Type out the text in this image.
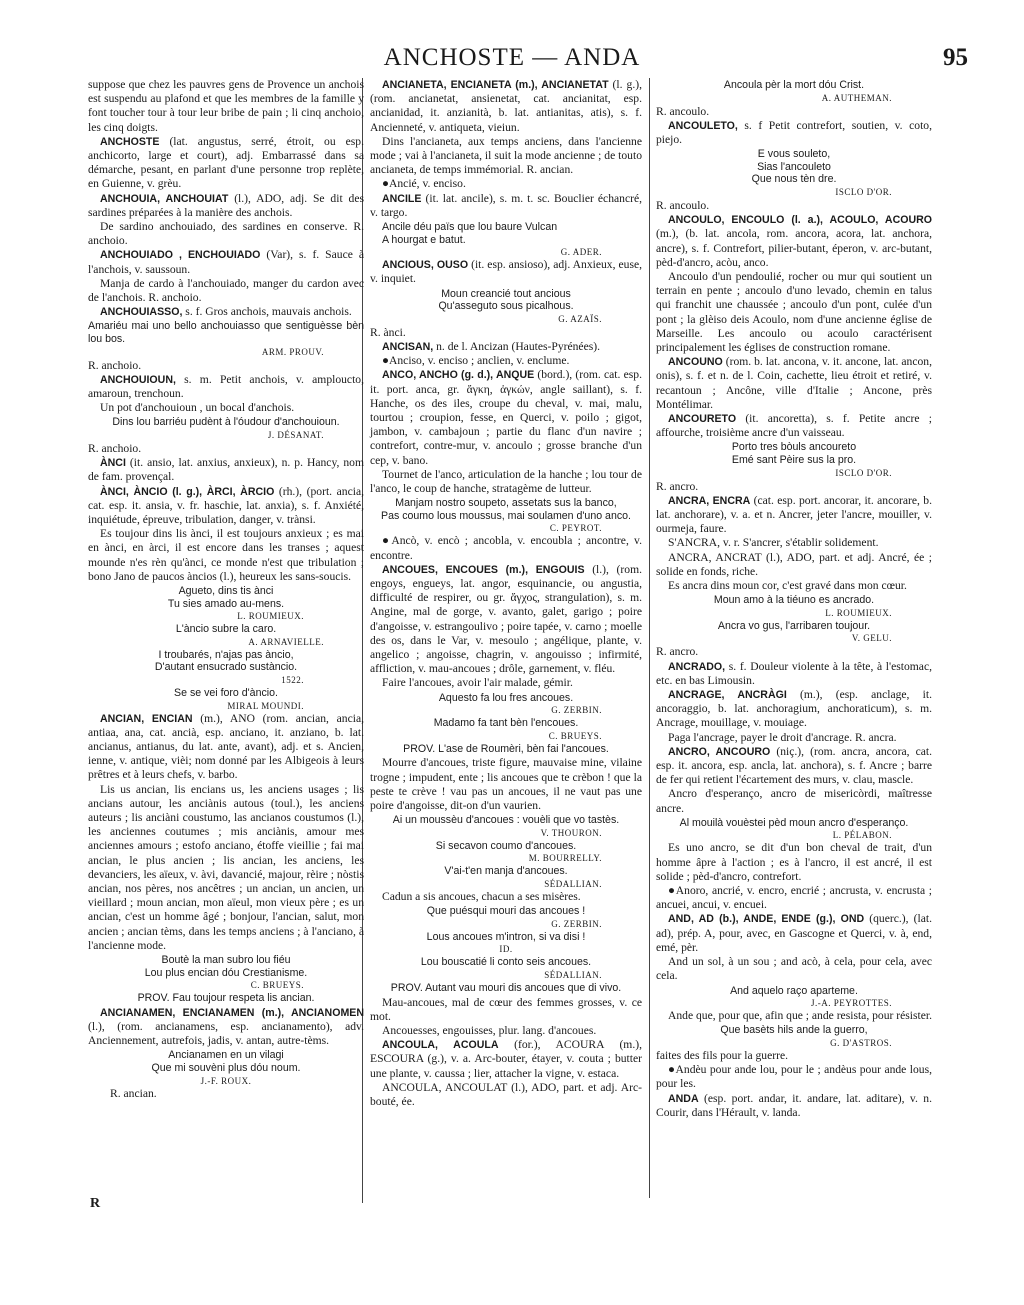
ANCHOSTE — ANDA	95

suppose que chez les pauvres gens de Provence un anchois est suspendu au plafond et que les membres de la famille y font toucher tour à tour leur bribe de pain ; li cinq anchoio, les cinq doigts.

ANCHOSTE (lat. angustus, serré, étroit, ou esp. anchicorto, large et court), adj. Embarrassé dans sa démarche, pesant, en parlant d'une personne trop replète, en Guienne, v. grèu.

ANCHOUIA, ANCHOUIAT (l.), ADO, adj. Se dit des sardines préparées à la manière des anchois.

De sardino anchouiado, des sardines en conserve. R. anchoio.

ANCHOUIADO , ENCHOUIADO (Var), s. f. Sauce à l'anchois, v. saussoun.

Manja de cardo à l'anchouiado, manger du cardon avec de l'anchois. R. anchoio.

ANCHOUIASSO, s. f. Gros anchois, mauvais anchois.

Amariéu mai uno bello anchouiasso que sentiguèsse bèn lou bos.
ARM. PROUV.

R. anchoio.

ANCHOUIOUN, s. m. Petit anchois, v. amploucto, amaroun, trenchoun.

Un pot d'anchouioun , un bocal d'anchois.

Dins lou barriéu pudènt à l'óudour d'anchouioun.
J. DÉSANAT.

R. anchoio.

ÀNCI (it. ansio, lat. anxius, anxieux), n. p. Hancy, nom de fam. provençal.

ÀNCI, ÀNCIO (l. g.), ÀRCI, ÀRCIO (rh.), (port. ancia, cat. esp. it. ansia, v. fr. haschie, lat. anxia), s. f. Anxiété, inquiétude, épreuve, tribulation, danger, v. trànsi.

Es toujour dins lis ànci, il est toujours anxieux ; es mai en ànci, en àrci, il est encore dans les transes ; aquest mounde n'es rèn qu'ànci, ce monde n'est que tribulation ; bono Jano de paucos àncios (l.), heureux les sans-soucis.

Agueto, dins tis ànci
Tu sies amado au-mens.
L. ROUMIEUX.
L'àncio subre la caro.
A. ARNAVIELLE.
I troubarés, n'ajas pas àncio,
D'autant ensucrado sustàncio.
1522.
Se se vei foro d'àncio.
MIRAL MOUNDI.

ANCIAN, ENCIAN (m.), ANO (rom. ancian, ancia, antiaa, ana, cat. ancià, esp. anciano, it. anziano, b. lat. ancianus, antianus, du lat. ante, avant), adj. et s. Ancien, ienne, v. antique, vièi; nom donné par les Albigeois à leurs prêtres et à leurs chefs, v. barbo.

Lis us ancian, lis encians us, les anciens usages ; lis ancians autour, les anciànis autous (toul.), les anciens auteurs ; lis anciàni coustumo, las ancianos coustumos (l.), les anciennes coutumes ; mis anciànis, amour mes anciennes amours ; estofo anciano, étoffe vieillie ; fai mai ancian, le plus ancien ; lis ancian, les anciens, les devanciers, les aïeux, v. àvi, davancié, majour, rèire ; nòstis ancian, nos pères, nos ancêtres ; un ancian, un ancien, un vieillard ; moun ancian, mon aïeul, mon vieux père ; es un ancian, c'est un homme âgé ; bonjour, l'ancian, salut, mon ancien ; ancian tèms, dans les temps anciens ; à l'anciano, à l'ancienne mode.

Boutè la man subro lou fiéu
Lou plus encian dóu Crestianisme.
C. BRUEYS.
PROV. Fau toujour respeta lis ancian.

ANCIANAMEN, ENCIANAMEN (m.), ANCIANOMEN (l.), (rom. ancianamens, esp. ancianamento), adv. Anciennement, autrefois, jadis, v. antan, autre-tèms.

Ancianamen en un vilagi
Que mi souvèni plus dóu noum.
J.-F. ROUX.

R. ancian.

R

ANCIANETA, ENCIANETA (m.), ANCIANETAT (l. g.), (rom. ancianetat, ansienetat, cat. ancianitat, esp. ancianidad, it. anzianità, b. lat. antianitas, atis), s. f. Ancienneté, v. antiqueta, vieiun.

Dins l'ancianeta, aux temps anciens, dans l'ancienne mode ; vai à l'ancianeta, il suit la mode ancienne ; de touto ancianeta, de temps immémorial. R. ancian.

●Ancié, v. enciso.

ANCILE (it. lat. ancile), s. m. t. sc. Bouclier échancré, v. targo.

Ancile déu païs que lou baure Vulcan
A hourgat e batut.
G. ADER.

ANCIOUS, OUSO (it. esp. ansioso), adj. Anxieux, euse, v. inquiet.

Moun creancié tout ancious
Qu'asseguto sous picalhous.
G. AZAÏS.

R. ànci.

ANCISAN, n. de l. Ancizan (Hautes-Pyrénées).

●Anciso, v. enciso ; anclien, v. enclume.

ANCO, ANCHO (g. d.), ANQUE (bord.), (rom. cat. esp. it. port. anca, gr. ἄγκη, ἀγκών, angle saillant), s. f. Hanche, os des iles, croupe du cheval, v. mai, malu, tourtou ; croupion, fesse, en Querci, v. poilo ; gigot, jambon, v. cambajoun ; partie du flanc d'un navire ; contrefort, contre-mur, v. ancoulo ; grosse branche d'un cep, v. bano.

Tournet de l'anco, articulation de la hanche ; lou tour de l'anco, le coup de hanche, stratagème de lutteur.

Manjam nostro soupeto, assetats sus la banco,
Pas coumo lous moussus, mai soulamen d'uno anco.
C. PEYROT.

●Ancò, v. encò ; ancobla, v. encoubla ; ancontre, v. encontre.

ANCOUES, ENCOUES (m.), ENGOUIS (l.), (rom. engoys, engueys, lat. angor, esquinancie, ou angustia, difficulté de respirer, ou gr. ἄγχος, strangulation), s. m. Angine, mal de gorge, v. avanto, galet, garigo ; poire d'angoisse, v. estrangoulivo ; poire tapée, v. carno ; moelle des os, dans le Var, v. mesoulo ; angélique, plante, v. angelico ; angoisse, chagrin, v. angouisso ; infirmité, affliction, v. mau-ancoues ; drôle, garnement, v. fléu.

Faire l'ancoues, avoir l'air malade, gémir.

Aquesto fa lou fres ancoues.
G. ZERBIN.
Madamo fa tant bèn l'encoues.
C. BRUEYS.
PROV. L'ase de Roumèri, bèn fai l'ancoues.

Mourre d'ancoues, triste figure, mauvaise mine, vilaine trogne ; impudent, ente ; lis ancoues que te crèbon ! que la peste te crève ! vau pas un ancoues, il ne vaut pas une poire d'angoisse, dit-on d'un vaurien.

Ai un moussèu d'ancoues : vouèli que vo tastès.
V. THOURON.
Si secavon coumo d'ancoues.
M. BOURRELLY.
V'ai-t'en manja d'ancoues.
SÉDALLIAN.

Cadun a sis ancoues, chacun a ses misères.

Que puésqui mouri das ancoues !
G. ZERBIN.
Lous ancoues m'intron, si va disi !
ID.
Lou bouscatié li conto seis ancoues.
SÉDALLIAN.
PROV. Autant vau mouri dis ancoues que di vivo.

Mau-ancoues, mal de cœur des femmes grosses, v. ce mot.

Ancouesses, engouisses, plur. lang. d'ancoues.

ANCOULA, ACOULA (for.), ACOURA (m.), ESCOURA (g.), v. a. Arc-bouter, étayer, v. couta ; butter une plante, v. caussa ; lier, attacher la vigne, v. estaca.

ANCOULA, ANCOULAT (l.), ADO, part. et adj. Arc-bouté, ée.

Ancoula pèr la mort dóu Crist.
A. AUTHEMAN.

R. ancoulo.

ANCOULETO, s. f Petit contrefort, soutien, v. coto, piejo.

E vous souleto,
Sias l'ancouleto
Que nous tèn dre.
ISCLO D'OR.

R. ancoulo.

ANCOULO, ENCOULO (l. a.), ACOULO, ACOURO (m.), (b. lat. ancola, rom. ancora, acora, lat. anchora, ancre), s. f. Contrefort, pilier-butant, éperon, v. arc-butant, pèd-d'ancro, acòu, anco.

Ancoulo d'un pendoulié, rocher ou mur qui soutient un terrain en pente ; ancoulo d'uno levado, chemin en talus qui franchit une chaussée ; ancoulo d'un pont, culée d'un pont ; la glèiso deis Acoulo, nom d'une ancienne église de Marseille. Les ancoulo ou acoulo caractérisent principalement les églises de construction romane.

ANCOUNO (rom. b. lat. ancona, v. it. ancone, lat. ancon, onis), s. f. et n. de l. Coin, cachette, lieu étroit et retiré, v. recantoun ; Ancône, ville d'Italie ; Ancone, près Montélimar.

ANCOURETO (it. ancoretta), s. f. Petite ancre ; affourche, troisième ancre d'un vaisseau.

Porto tres bòuls ancoureto
Emé sant Pèire sus la pro.
ISCLO D'OR.

R. ancro.

ANCRA, ENCRA (cat. esp. port. ancorar, it. ancorare, b. lat. anchorare), v. a. et n. Ancrer, jeter l'ancre, mouiller, v. ourmeja, faure.

S'ANCRA, v. r. S'ancrer, s'établir solidement.

ANCRA, ANCRAT (l.), ADO, part. et adj. Ancré, ée ; solide en fonds, riche.

Es ancra dins moun cor, c'est gravé dans mon cœur.

Moun amo à la tiéuno es ancrado.
L. ROUMIEUX.
Ancra vo gus, l'arribaren toujour.
V. GELU.

R. ancro.

ANCRADO, s. f. Douleur violente à la tête, à l'estomac, etc. en bas Limousin.

ANCRAGE, ANCRÀGI (m.), (esp. anclage, it. ancoraggio, b. lat. anchoragium, anchoraticum), s. m. Ancrage, mouillage, v. mouiage.

Paga l'ancrage, payer le droit d'ancrage. R. ancra.

ANCRO, ANCOURO (niç.), (rom. ancra, ancora, cat. esp. it. ancora, esp. ancla, lat. anchora), s. f. Ancre ; barre de fer qui retient l'écartement des murs, v. clau, mascle.

Ancro d'esperanço, ancro de misericòrdi, maîtresse ancre.

Al mouilà vouèstei pèd moun ancro d'esperanço.
L. PÉLABON.

Es uno ancro, se dit d'un bon cheval de trait, d'un homme âpre à l'action ; es à l'ancro, il est ancré, il est solide ; pèd-d'ancro, contrefort.

●Anoro, ancrié, v. encro, encrié ; ancrusta, v. encrusta ; ancuei, ancui, v. encuei.

AND, AD (b.), ANDE, ENDE (g.), OND (querc.), (lat. ad), prép. A, pour, avec, en Gascogne et Querci, v. à, end, emé, pèr.

And un sol, à un sou ; and acò, à cela, pour cela, avec cela.

And aquelo raço aparteme.
J.-A. PEYROTTES.

Ande que, pour que, afin que ; ande resista, pour résister.

Que basèts hils ande la guerro,
G. D'ASTROS.

faites des fils pour la guerre.

●Andèu pour ande lou, pour le ; andèus pour ande lous, pour les.

ANDA (esp. port. andar, it. andare, lat. aditare), v. n. Courir, dans l'Hérault, v. landa.
